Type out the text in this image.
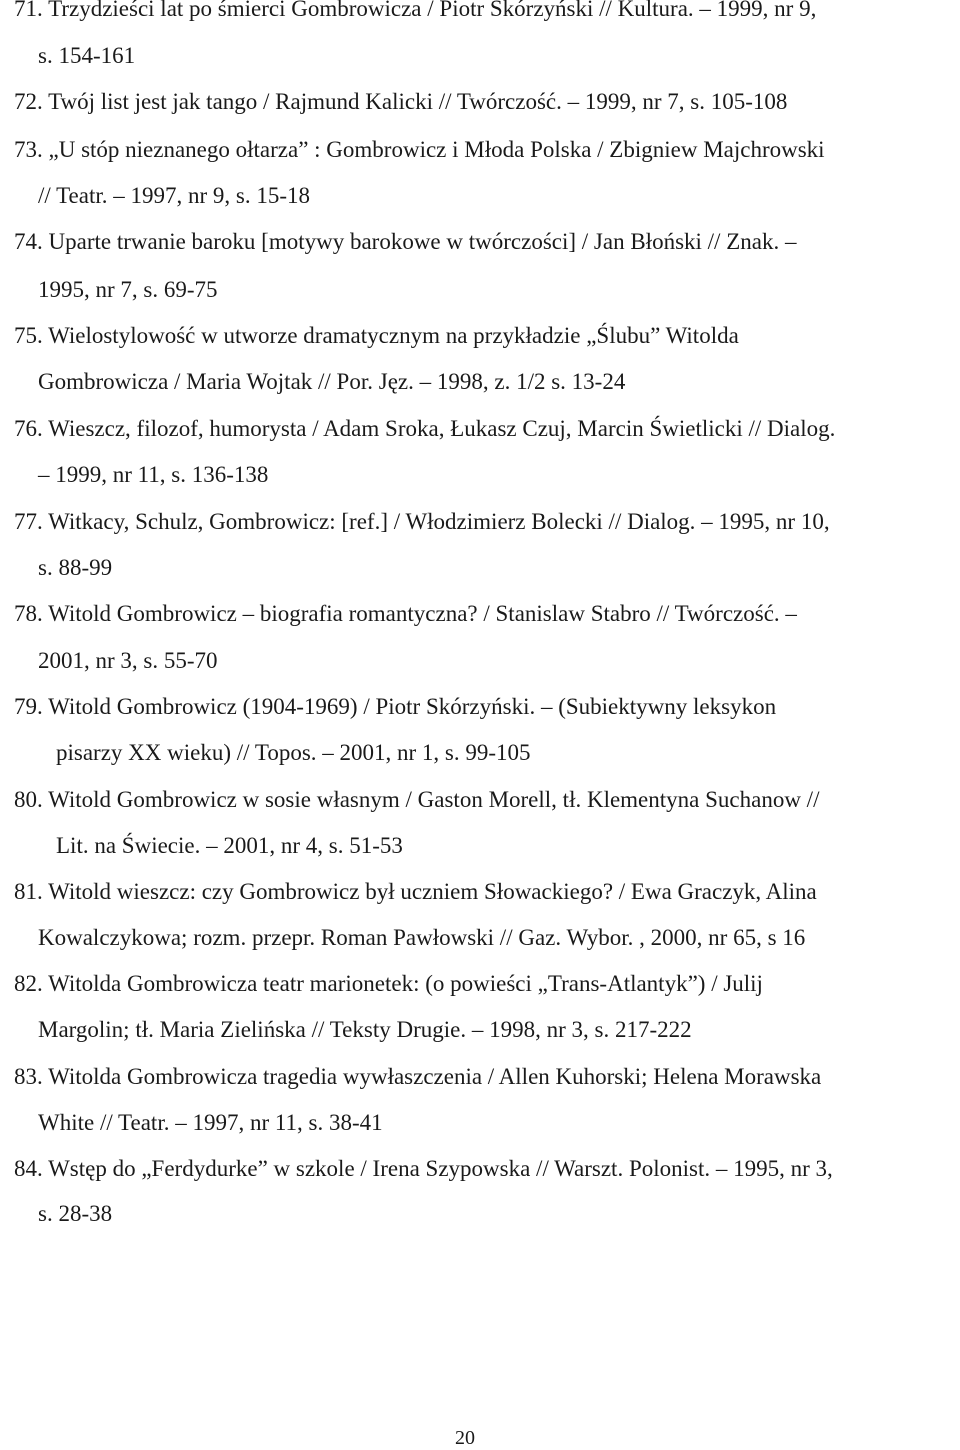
71. Trzydzieści lat po śmierci Gombrowicza / Piotr Skórzyński // Kultura. – 1999, nr 9,
s. 154-161
72. Twój list jest jak tango / Rajmund Kalicki // Twórczość. – 1999, nr 7, s. 105-108
73. „U stóp nieznanego ołtarza” : Gombrowicz i Młoda Polska / Zbigniew Majchrowski
// Teatr. – 1997, nr 9, s. 15-18
74. Uparte trwanie baroku [motywy barokowe w twórczości] / Jan Błoński // Znak. –
1995, nr 7, s. 69-75
75. Wielostylowość w utworze dramatycznym na przykładzie „Ślubu” Witolda
Gombrowicza / Maria Wojtak // Por. Jęz. – 1998, z. 1/2 s. 13-24
76. Wieszcz, filozof, humorysta / Adam Sroka, Łukasz Czuj, Marcin Świetlicki // Dialog.
– 1999, nr 11, s. 136-138
77. Witkacy, Schulz, Gombrowicz: [ref.] / Włodzimierz Bolecki // Dialog. – 1995, nr 10,
s. 88-99
78. Witold Gombrowicz – biografia romantyczna? / Stanislaw Stabro // Twórczość. –
2001, nr 3, s. 55-70
79. Witold Gombrowicz (1904-1969) / Piotr Skórzyński. – (Subiektywny leksykon
pisarzy XX wieku) // Topos. – 2001, nr 1, s. 99-105
80. Witold Gombrowicz w sosie własnym / Gaston Morell, tł. Klementyna Suchanow //
Lit. na Świecie. – 2001, nr 4, s. 51-53
81. Witold wieszcz: czy Gombrowicz był uczniem Słowackiego? / Ewa Graczyk, Alina
Kowalczykowa; rozm. przepr. Roman Pawłowski // Gaz. Wybor. , 2000, nr 65, s 16
82. Witolda Gombrowicza teatr marionetek: (o powieści „Trans-Atlantyk”) / Julij
Margolin; tł. Maria Zielińska // Teksty Drugie. – 1998, nr 3, s. 217-222
83. Witolda Gombrowicza tragedia wywłaszczenia / Allen Kuhorski; Helena Morawska
White // Teatr. – 1997, nr 11, s. 38-41
84. Wstęp do „Ferdydurke” w szkole / Irena Szypowska // Warszt. Polonist. – 1995, nr 3,
s. 28-38
20
